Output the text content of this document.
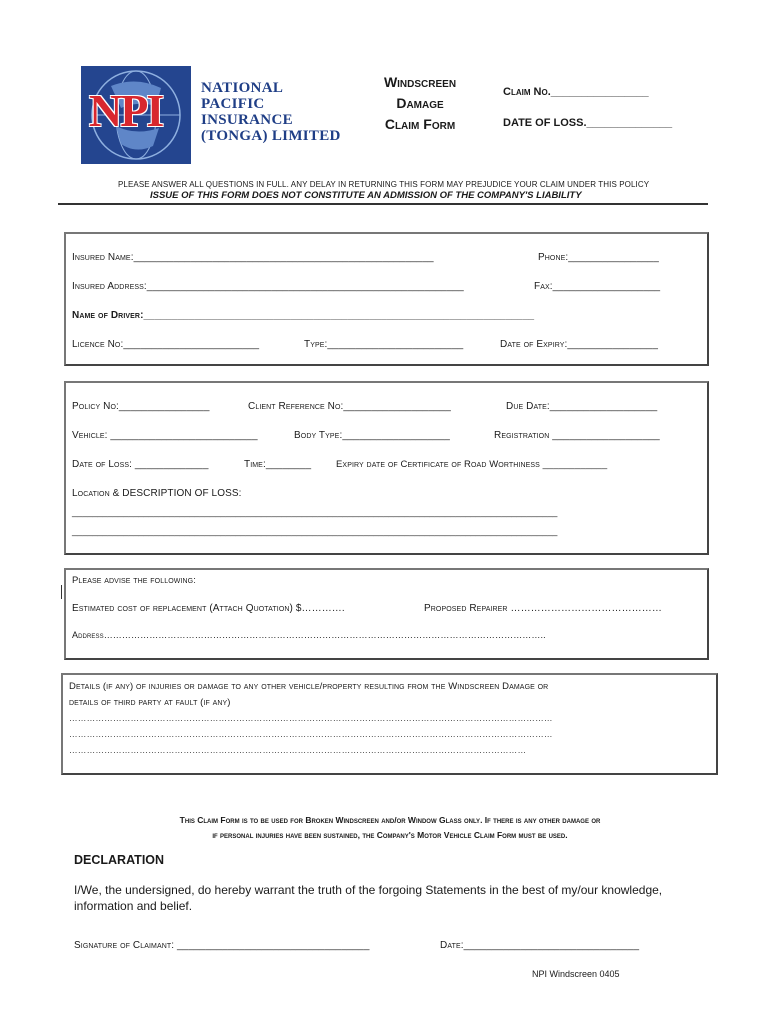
NPI	NATIONAL
PACIFIC
INSURANCE
(TONGA) LIMITED
Windscreen
Damage
Claim Form
Claim No.________________
DATE OF LOSS.______________
PLEASE ANSWER ALL QUESTIONS IN FULL. ANY DELAY IN RETURNING THIS FORM MAY PREJUDICE YOUR CLAIM UNDER THIS POLICY
ISSUE OF THIS FORM DOES NOT CONSTITUTE AN ADMISSION OF THE COMPANY'S LIABILITY
Insured Name:_____________________________________________________	Phone:________________
Insured Address:________________________________________________________	Fax:___________________
Name of Driver:_____________________________________________________________________
Licence No:________________________	Type:________________________	Date of Expiry:________________
Policy No:________________	Client Reference No:___________________	Due Date:___________________
Vehicle: __________________________	Body Type:___________________	Registration ___________________
Date of Loss: _____________	Time:________	Expiry date of Certificate of Road Worthiness ____________
Location & DESCRIPTION OF LOSS:
_______________________________________________________________________________________________
_______________________________________________________________________________________________
Please advise the following:
Estimated cost of replacement (Attach Quotation) $………….	Proposed Repairer ………………………………………
Address………………………………………………………………………………………………………………………………..
Details (if any) of injuries or damage to any other vehicle/property resulting from the Windscreen Damage or
details of third party at fault (if any)
…………………………………………………………………………………………………………………………………………………
…………………………………………………………………………………………………………………………………………………
…………………………………………………………………………………………………………………………………………
This Claim Form is to be used for Broken Windscreen and/or Window Glass only. If there is any other damage or
if personal injuries have been sustained, the Company's Motor Vehicle Claim Form must be used.
DECLARATION
I/We, the undersigned, do hereby warrant the truth of the forgoing Statements in the best of my/our knowledge, information and belief.
Signature of Claimant: __________________________________	Date:_______________________________
NPI Windscreen 0405
